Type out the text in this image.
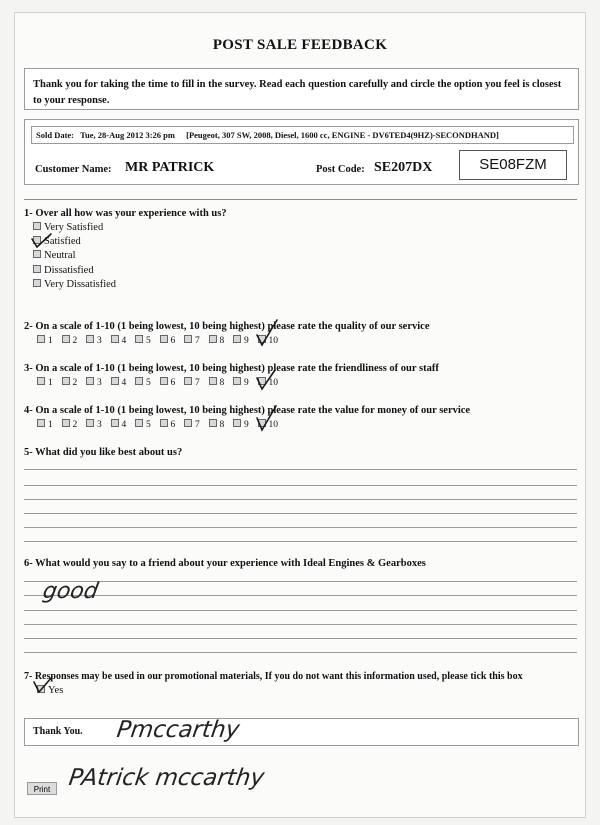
POST SALE FEEDBACK

Thank you for taking the time to fill in the survey. Read each question carefully and circle the option you feel is closest to your response.

Sold Date: Tue, 28-Aug 2012 3:26 pm [Peugeot, 307 SW, 2008, Diesel, 1600 cc, ENGINE - DV6TED4(9HZ)-SECONDHAND]
Customer Name: MR PATRICK	Post Code: SE207DX	SE08FZM
1- Over all how was your experience with us?
Very Satisfied
Satisfied
Neutral
Dissatisfied
Very Dissatisfied
2- On a scale of 1-10 (1 being lowest, 10 being highest) please rate the quality of our service
1 2 3 4 5 6 7 8 9 10
3- On a scale of 1-10 (1 being lowest, 10 being highest) please rate the friendliness of our staff
1 2 3 4 5 6 7 8 9 10
4- On a scale of 1-10 (1 being lowest, 10 being highest) please rate the value for money of our service
1 2 3 4 5 6 7 8 9 10
5- What did you like best about us?
6- What would you say to a friend about your experience with Ideal Engines & Gearboxes
good
7- Responses may be used in our promotional materials, If you do not want this information used, please tick this box
Yes
Thank You. Pmccarthy
Print PAtrick mccarthy
